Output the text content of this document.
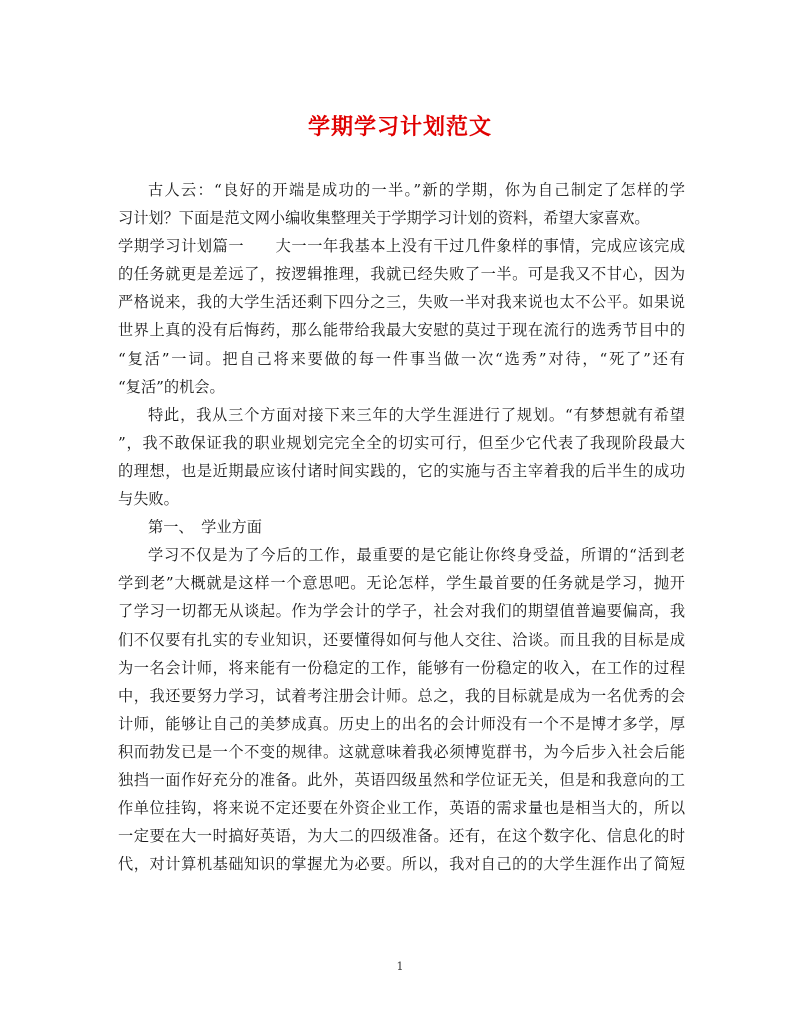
学期学习计划范文
古人云：“良好的开端是成功的一半。”新的学期，你为自己制定了怎样的学
习计划？下面是范文网小编收集整理关于学期学习计划的资料，希望大家喜欢。
学期学习计划篇一　　大一一年我基本上没有干过几件象样的事情，完成应该完成
的任务就更是差远了，按逻辑推理，我就已经失败了一半。可是我又不甘心，因为
严格说来，我的大学生活还剩下四分之三，失败一半对我来说也太不公平。如果说
世界上真的没有后悔药，那么能带给我最大安慰的莫过于现在流行的选秀节目中的
“复活”一词。把自己将来要做的每一件事当做一次“选秀”对待，“死了”还有
“复活”的机会。
特此，我从三个方面对接下来三年的大学生涯进行了规划。“有梦想就有希望
”，我不敢保证我的职业规划完完全全的切实可行，但至少它代表了我现阶段最大
的理想，也是近期最应该付诸时间实践的，它的实施与否主宰着我的后半生的成功
与失败。
第一、　学业方面
学习不仅是为了今后的工作，最重要的是它能让你终身受益，所谓的“活到老
学到老”大概就是这样一个意思吧。无论怎样，学生最首要的任务就是学习，抛开
了学习一切都无从谈起。作为学会计的学子，社会对我们的期望值普遍要偏高，我
们不仅要有扎实的专业知识，还要懂得如何与他人交往、洽谈。而且我的目标是成
为一名会计师，将来能有一份稳定的工作，能够有一份稳定的收入，在工作的过程
中，我还要努力学习，试着考注册会计师。总之，我的目标就是成为一名优秀的会
计师，能够让自己的美梦成真。历史上的出名的会计师没有一个不是博才多学，厚
积而勃发已是一个不变的规律。这就意味着我必须博览群书，为今后步入社会后能
独挡一面作好充分的准备。此外，英语四级虽然和学位证无关，但是和我意向的工
作单位挂钩，将来说不定还要在外资企业工作，英语的需求量也是相当大的，所以
一定要在大一时搞好英语，为大二的四级准备。还有，在这个数字化、信息化的时
代，对计算机基础知识的掌握尤为必要。所以，我对自己的的大学生涯作出了简短
1
